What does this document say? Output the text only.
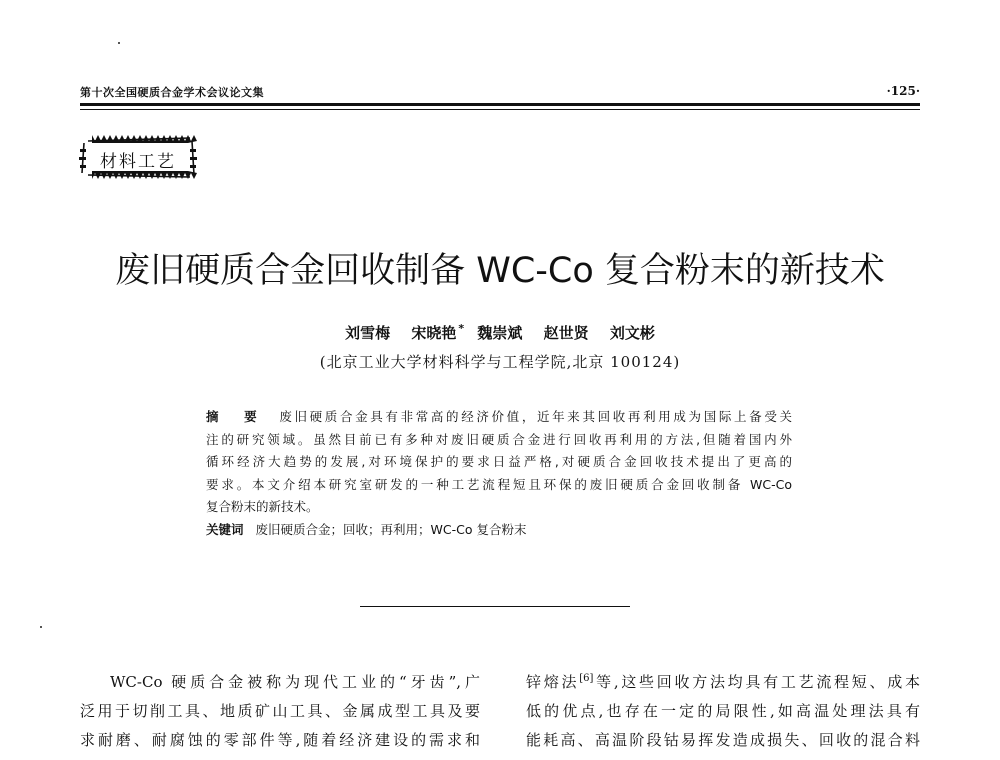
第十次全国硬质合金学术会议论文集	·125·
材料工艺
废旧硬质合金回收制备 WC-Co 复合粉末的新技术
刘雪梅 宋晓艳 * 魏崇斌 赵世贤 刘文彬
(北京工业大学材料科学与工程学院,北京 100124)
摘 要 废旧硬质合金具有非常高的经济价值，近年来其回收再利用成为国际上备受关
注的研究领域。虽然目前已有多种对废旧硬质合金进行回收再利用的方法,但随着国内外
循环经济大趋势的发展,对环境保护的要求日益严格,对硬质合金回收技术提出了更高的
要求。本文介绍本研究室研发的一种工艺流程短且环保的废旧硬质合金回收制备 WC-Co
复合粉末的新技术。
关键词 废旧硬质合金；回收；再利用；WC-Co 复合粉末
WC-Co 硬质合金被称为现代工业的“牙齿”,广
泛用于切削工具、地质矿山工具、金属成型工具及要
求耐磨、耐腐蚀的零部件等,随着经济建设的需求和
锌熔法[6]等,这些回收方法均具有工艺流程短、成本
低的优点,也存在一定的局限性,如高温处理法具有
能耗高、高温阶段钴易挥发造成损失、回收的混合料
